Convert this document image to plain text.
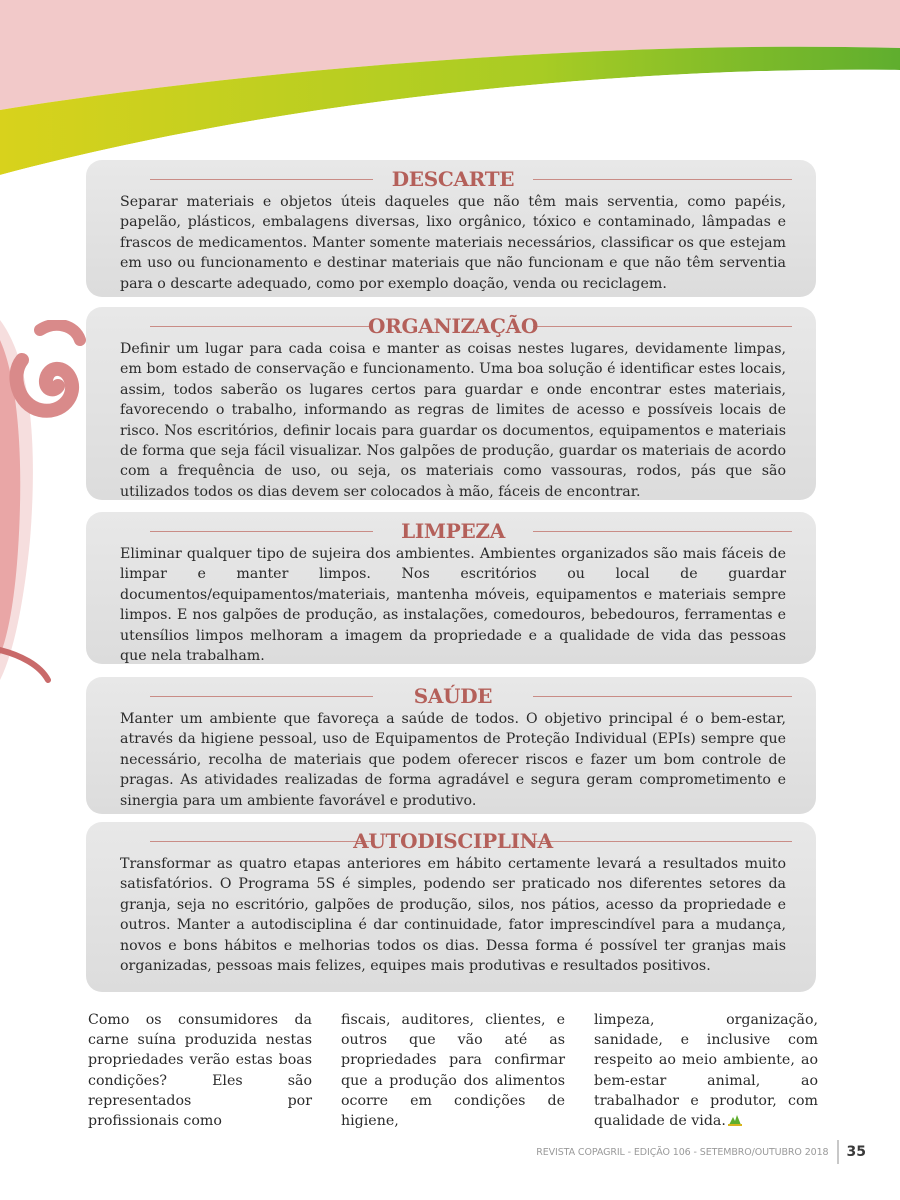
DESCARTE

Separar materiais e objetos úteis daqueles que não têm mais serventia, como papéis, papelão, plásticos, embalagens diversas, lixo orgânico, tóxico e contaminado, lâmpadas e frascos de medicamentos. Manter somente materiais necessários, classificar os que estejam em uso ou funcionamento e destinar materiais que não funcionam e que não têm serventia para o descarte adequado, como por exemplo doação, venda ou reciclagem.

ORGANIZAÇÃO

Definir um lugar para cada coisa e manter as coisas nestes lugares, devidamente limpas, em bom estado de conservação e funcionamento. Uma boa solução é identificar estes locais, assim, todos saberão os lugares certos para guardar e onde encontrar estes materiais, favorecendo o trabalho, informando as regras de limites de acesso e possíveis locais de risco. Nos escritórios, definir locais para guardar os documentos, equipamentos e materiais de forma que seja fácil visualizar. Nos galpões de produção, guardar os materiais de acordo com a frequência de uso, ou seja, os materiais como vassouras, rodos, pás que são utilizados todos os dias devem ser colocados à mão, fáceis de encontrar.

LIMPEZA

Eliminar qualquer tipo de sujeira dos ambientes. Ambientes organizados são mais fáceis de limpar e manter limpos. Nos escritórios ou local de guardar documentos/equipamentos/materiais, mantenha móveis, equipamentos e materiais sempre limpos. E nos galpões de produção, as instalações, comedouros, bebedouros, ferramentas e utensílios limpos melhoram a imagem da propriedade e a qualidade de vida das pessoas que nela trabalham.

SAÚDE

Manter um ambiente que favoreça a saúde de todos. O objetivo principal é o bem-estar, através da higiene pessoal, uso de Equipamentos de Proteção Individual (EPIs) sempre que necessário, recolha de materiais que podem oferecer riscos e fazer um bom controle de pragas. As atividades realizadas de forma agradável e segura geram comprometimento e sinergia para um ambiente favorável e produtivo.

AUTODISCIPLINA

Transformar as quatro etapas anteriores em hábito certamente levará a resultados muito satisfatórios. O Programa 5S é simples, podendo ser praticado nos diferentes setores da granja, seja no escritório, galpões de produção, silos, nos pátios, acesso da propriedade e outros. Manter a autodisciplina é dar continuidade, fator imprescindível para a mudança, novos e bons hábitos e melhorias todos os dias. Dessa forma é possível ter granjas mais organizadas, pessoas mais felizes, equipes mais produtivas e resultados positivos.

Como os consumidores da carne suína produzida nestas propriedades verão estas boas condições? Eles são representados por profissionais como

fiscais, auditores, clientes, e outros que vão até as propriedades para confirmar que a produção dos alimentos ocorre em condições de higiene,

limpeza, organização, sanidade, e inclusive com respeito ao meio ambiente, ao bem-estar animal, ao trabalhador e produtor, com qualidade de vida.

REVISTA COPAGRIL - EDIÇÃO 106 - SETEMBRO/OUTUBRO 2018	35
